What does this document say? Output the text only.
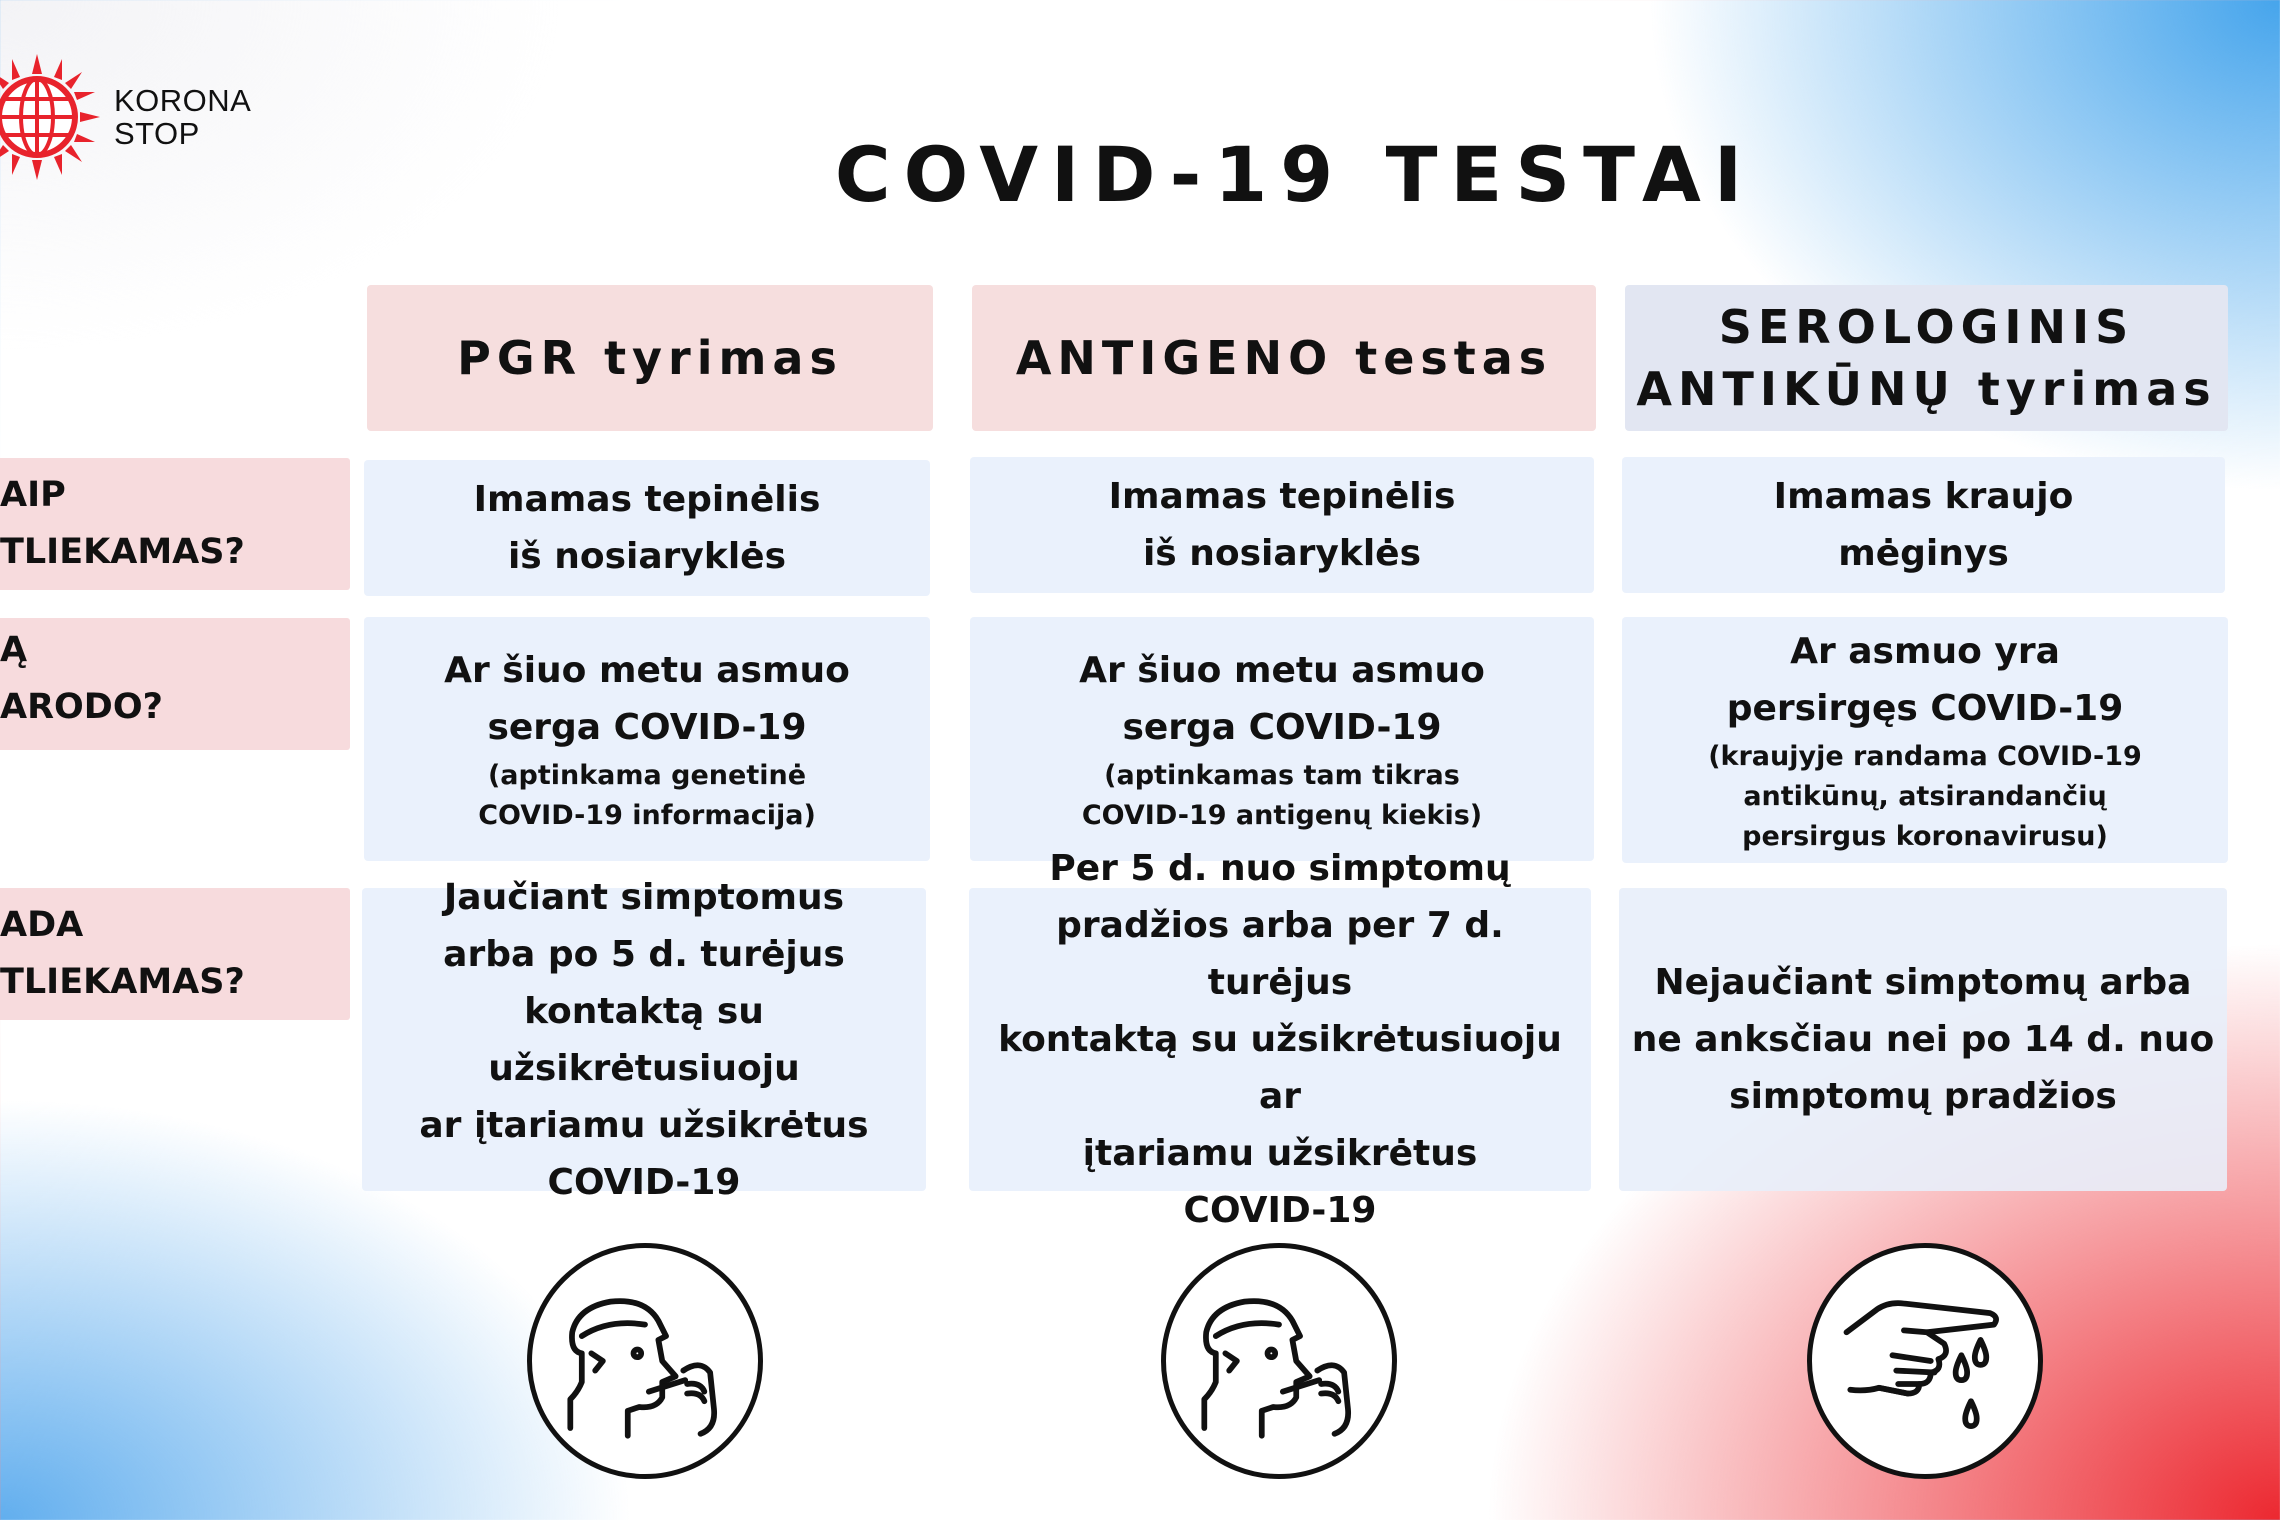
KORONA
STOP	COVID-19 TESTAI
PGR tyrimas	ANTIGENO testas
SEROLOGINIS
ANTIKŪNŲ tyrimas
AIP
TLIEKAMAS?
Ą
ARODO?
ADA
TLIEKAMAS?
Imamas tepinėlis
iš nosiaryklės
Imamas tepinėlis
iš nosiaryklės
Imamas kraujo
mėginys
Ar šiuo metu asmuo
serga COVID-19
(aptinkama genetinė
COVID-19 informacija)
Ar šiuo metu asmuo
serga COVID-19
(aptinkamas tam tikras
COVID-19 antigenų kiekis)
Ar asmuo yra
persirgęs COVID-19
(kraujyje randama COVID-19
antikūnų, atsirandančių
persirgus koronavirusu)
Jaučiant simptomus
arba po 5 d. turėjus
kontaktą su užsikrėtusiuoju
ar įtariamu užsikrėtus
COVID-19
Per 5 d. nuo simptomų
pradžios arba per 7 d. turėjus
kontaktą su užsikrėtusiuoju ar
įtariamu užsikrėtus
COVID-19
Nejaučiant simptomų arba
ne anksčiau nei po 14 d. nuo
simptomų pradžios
